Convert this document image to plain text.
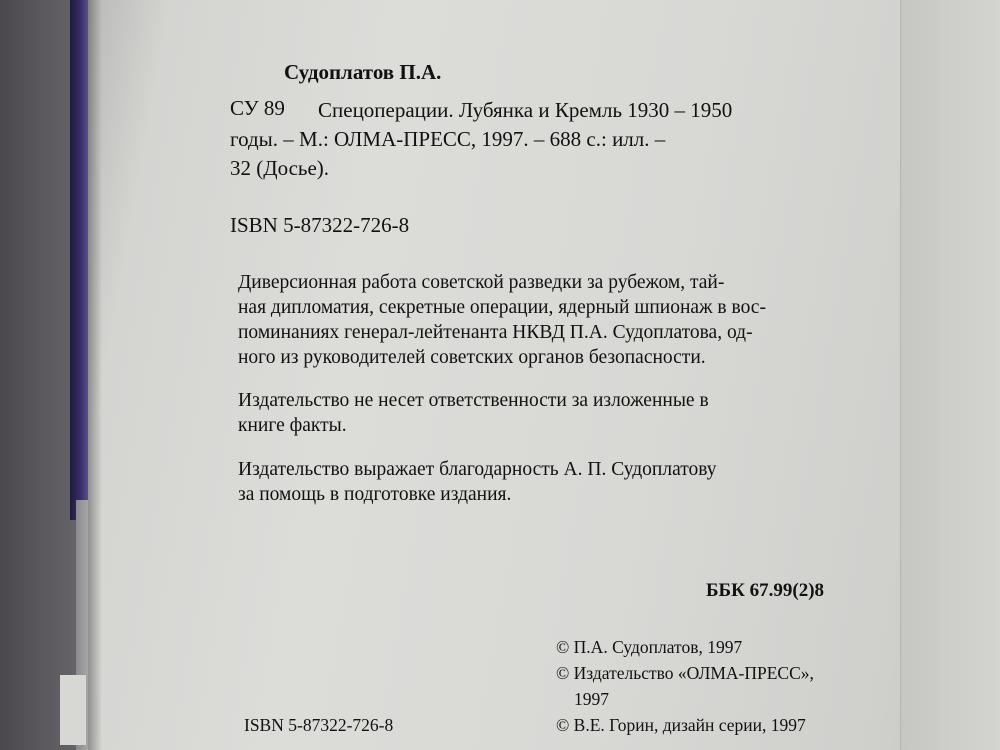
Судоплатов П.А.
СУ 89 Спецоперации. Лубянка и Кремль 1930 – 1950
годы. – М.: ОЛМА-ПРЕСС, 1997. – 688 с.: илл. –
32 (Досье).
ISBN 5-87322-726-8
Диверсионная работа советской разведки за рубежом, тай-
ная дипломатия, секретные операции, ядерный шпионаж в вос-
поминаниях генерал-лейтенанта НКВД П.А. Судоплатова, од-
ного из руководителей советских органов безопасности.
Издательство не несет ответственности за изложенные в
книге факты.
Издательство выражает благодарность А. П. Судоплатову
за помощь в подготовке издания.
ББК 67.99(2)8
© П.А. Судоплатов, 1997
© Издательство «ОЛМА-ПРЕСС»,
1997
© В.Е. Горин, дизайн серии, 1997
ISBN 5-87322-726-8
